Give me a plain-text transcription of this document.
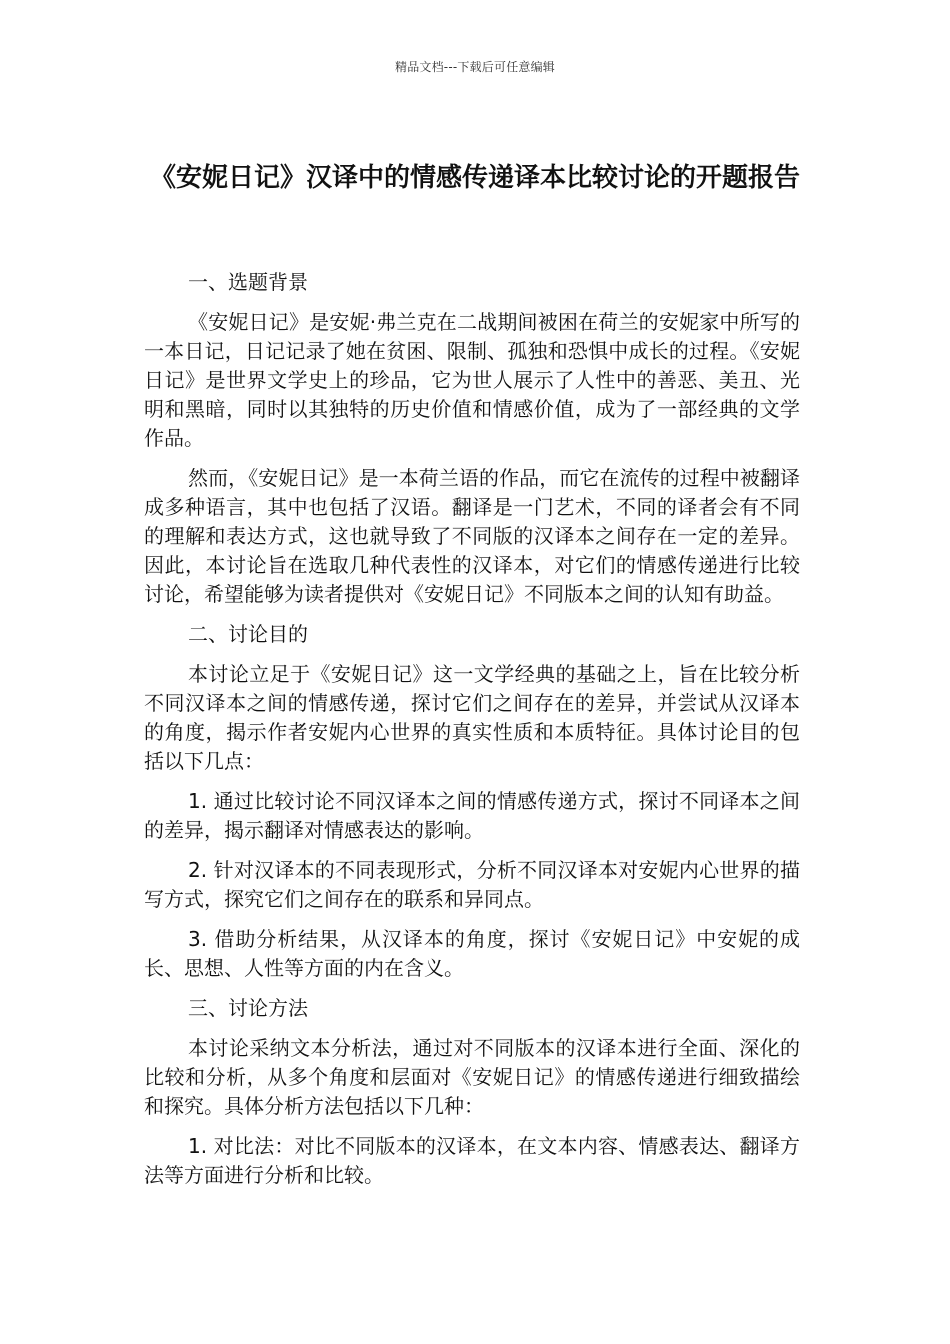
精品文档---下载后可任意编辑
《安妮日记》汉译中的情感传递译本比较讨论的开题报告

一、选题背景

《安妮日记》是安妮·弗兰克在二战期间被困在荷兰的安妮家中所写的一本日记，日记记录了她在贫困、限制、孤独和恐惧中成长的过程。《安妮日记》是世界文学史上的珍品，它为世人展示了人性中的善恶、美丑、光明和黑暗，同时以其独特的历史价值和情感价值，成为了一部经典的文学作品。

然而，《安妮日记》是一本荷兰语的作品，而它在流传的过程中被翻译成多种语言，其中也包括了汉语。翻译是一门艺术，不同的译者会有不同的理解和表达方式，这也就导致了不同版的汉译本之间存在一定的差异。因此，本讨论旨在选取几种代表性的汉译本，对它们的情感传递进行比较讨论，希望能够为读者提供对《安妮日记》不同版本之间的认知有助益。

二、讨论目的

本讨论立足于《安妮日记》这一文学经典的基础之上，旨在比较分析不同汉译本之间的情感传递，探讨它们之间存在的差异，并尝试从汉译本的角度，揭示作者安妮内心世界的真实性质和本质特征。具体讨论目的包括以下几点：

1. 通过比较讨论不同汉译本之间的情感传递方式，探讨不同译本之间的差异，揭示翻译对情感表达的影响。

2. 针对汉译本的不同表现形式，分析不同汉译本对安妮内心世界的描写方式，探究它们之间存在的联系和异同点。

3. 借助分析结果，从汉译本的角度，探讨《安妮日记》中安妮的成长、思想、人性等方面的内在含义。

三、讨论方法

本讨论采纳文本分析法，通过对不同版本的汉译本进行全面、深化的比较和分析，从多个角度和层面对《安妮日记》的情感传递进行细致描绘和探究。具体分析方法包括以下几种：

1. 对比法：对比不同版本的汉译本，在文本内容、情感表达、翻译方法等方面进行分析和比较。
